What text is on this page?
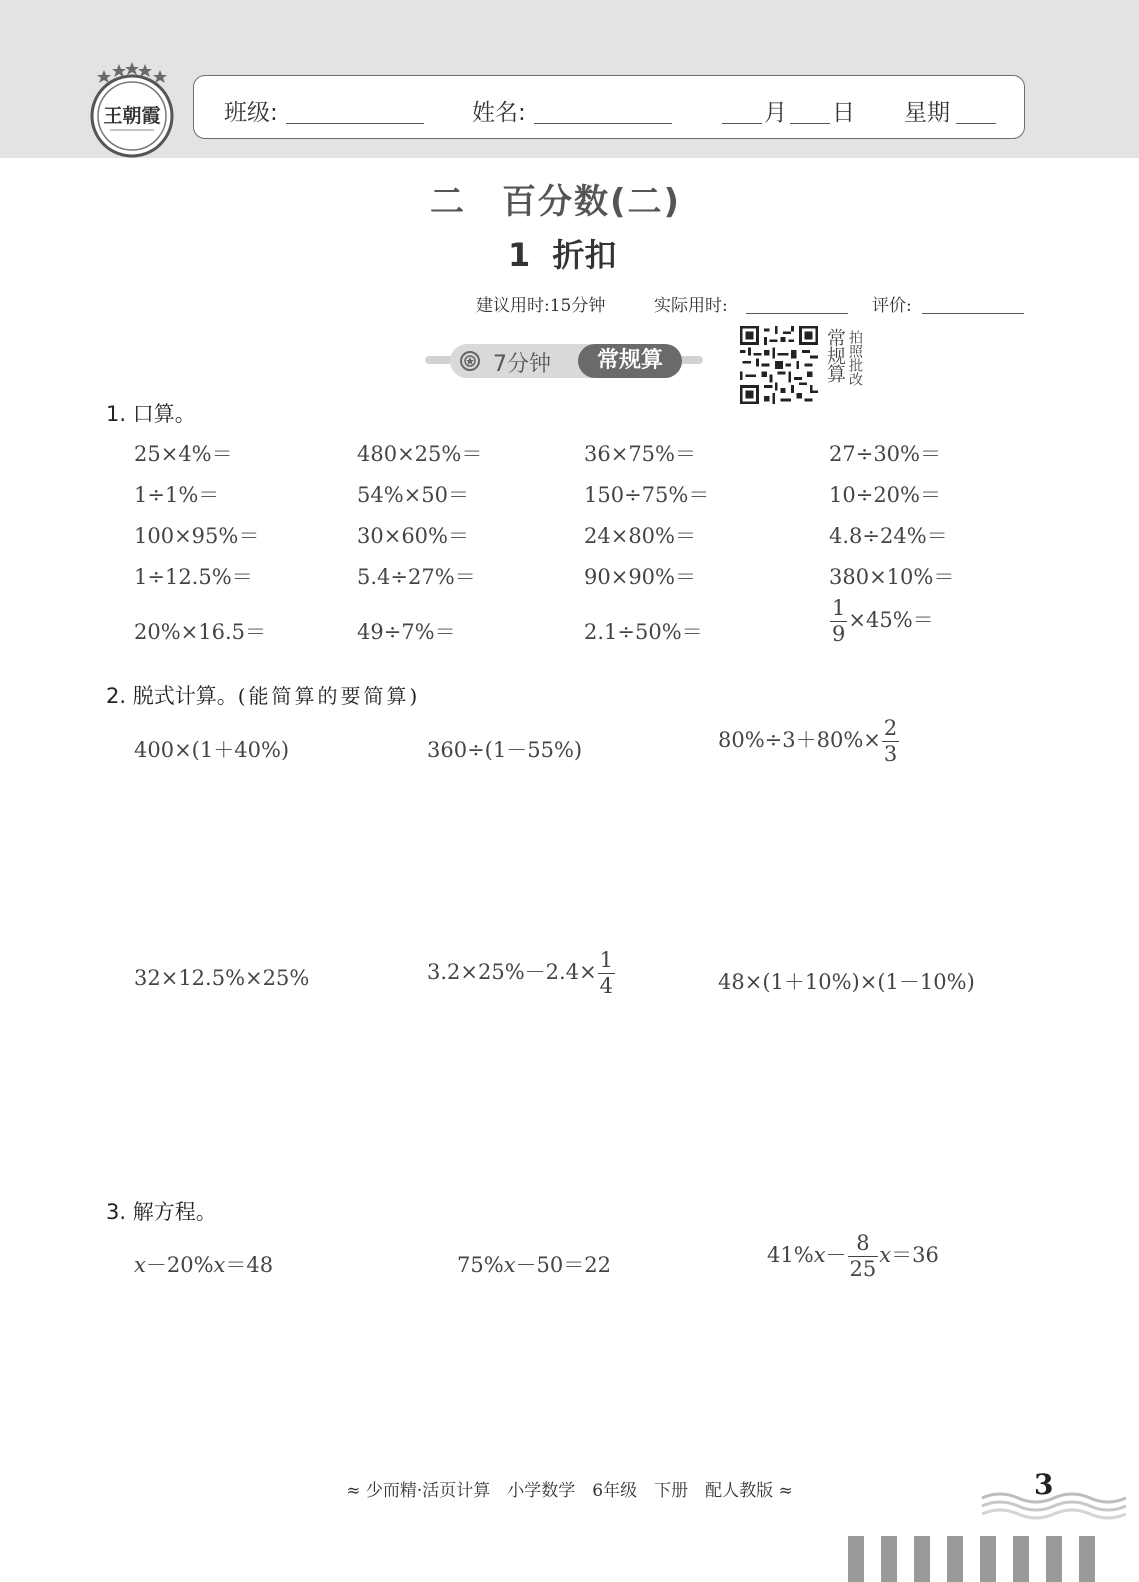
王朝霞	班级:	姓名:	月 日 星期
二　百分数(二)
1  折扣
建议用时:15分钟	实际用时:	评价:
7分钟	常规算	常规算 拍照批改
1. 口算。
25×4%＝	480×25%＝	36×75%＝	27÷30%＝
1÷1%＝	54%×50＝	150÷75%＝	10÷20%＝
100×95%＝	30×60%＝	24×80%＝	4.8÷24%＝
1÷12.5%＝	5.4÷27%＝	90×90%＝	380×10%＝
20%×16.5＝	49÷7%＝	2.1÷50%＝	$\frac{1}{9} \times 45\%=$
2. 脱式计算。(能简算的要简算)
400×(1＋40%)	360÷(1－55%)	$80\%\div 3+80\%\times \frac{2}{3}$
32×12.5%×25%	$3.2\times 25\%-2.4\times \frac{1}{4}$	48×(1＋10%)×(1－10%)
3. 解方程。
x－20%x＝48	75%x－50＝22	$41\%x- \frac{8}{25} x=36$
≈ 少而精·活页计算　小学数学　6年级　下册　配人教版 ≈	3
